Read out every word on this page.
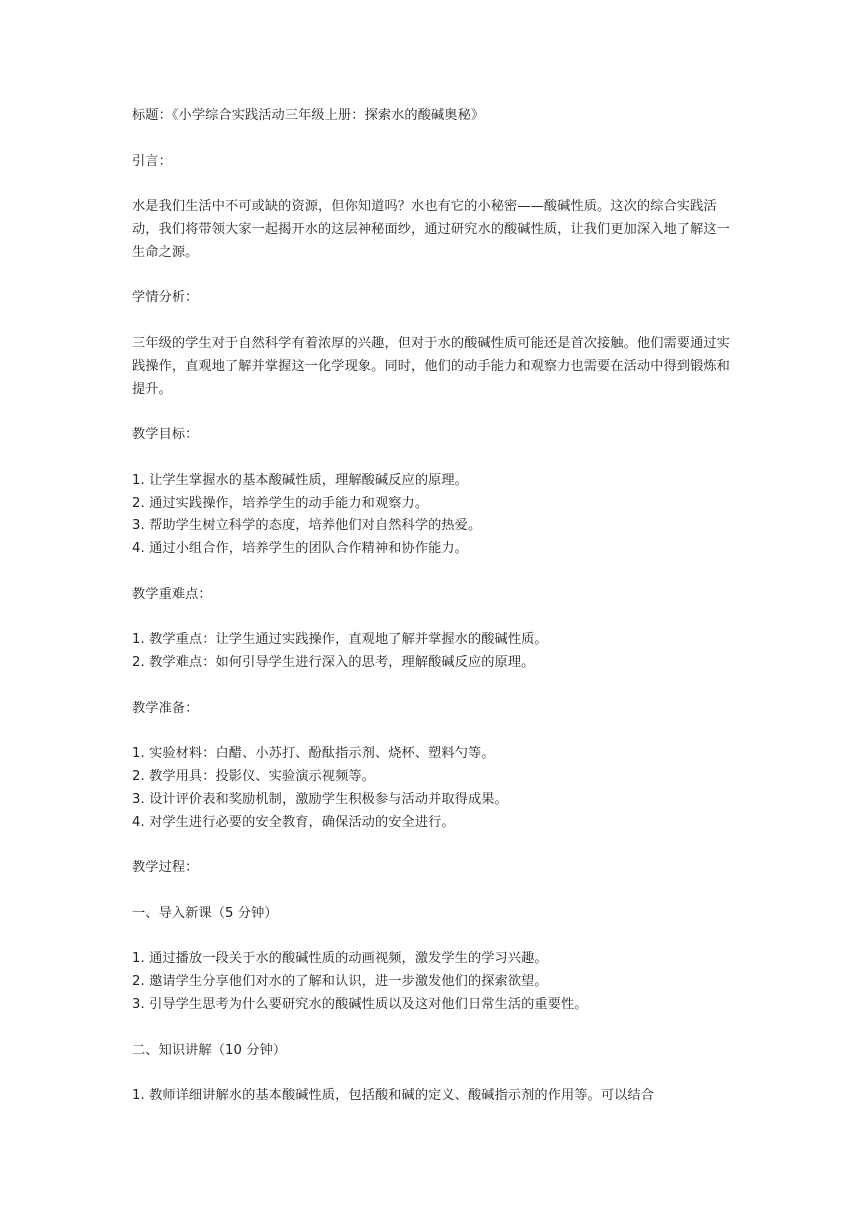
标题：《小学综合实践活动三年级上册：探索水的酸碱奥秘》

引言：

水是我们生活中不可或缺的资源，但你知道吗？水也有它的小秘密——酸碱性质。这次的综合实践活动，我们将带领大家一起揭开水的这层神秘面纱，通过研究水的酸碱性质，让我们更加深入地了解这一生命之源。

学情分析：

三年级的学生对于自然科学有着浓厚的兴趣，但对于水的酸碱性质可能还是首次接触。他们需要通过实践操作，直观地了解并掌握这一化学现象。同时，他们的动手能力和观察力也需要在活动中得到锻炼和提升。

教学目标：

1. 让学生掌握水的基本酸碱性质，理解酸碱反应的原理。
2. 通过实践操作，培养学生的动手能力和观察力。
3. 帮助学生树立科学的态度，培养他们对自然科学的热爱。
4. 通过小组合作，培养学生的团队合作精神和协作能力。

教学重难点：

1. 教学重点：让学生通过实践操作，直观地了解并掌握水的酸碱性质。
2. 教学难点：如何引导学生进行深入的思考，理解酸碱反应的原理。

教学准备：

1. 实验材料：白醋、小苏打、酚酞指示剂、烧杯、塑料勺等。
2. 教学用具：投影仪、实验演示视频等。
3. 设计评价表和奖励机制，激励学生积极参与活动并取得成果。
4. 对学生进行必要的安全教育，确保活动的安全进行。

教学过程：

一、导入新课（5 分钟）

1. 通过播放一段关于水的酸碱性质的动画视频，激发学生的学习兴趣。
2. 邀请学生分享他们对水的了解和认识，进一步激发他们的探索欲望。
3. 引导学生思考为什么要研究水的酸碱性质以及这对他们日常生活的重要性。

二、知识讲解（10 分钟）

1. 教师详细讲解水的基本酸碱性质，包括酸和碱的定义、酸碱指示剂的作用等。可以结合
